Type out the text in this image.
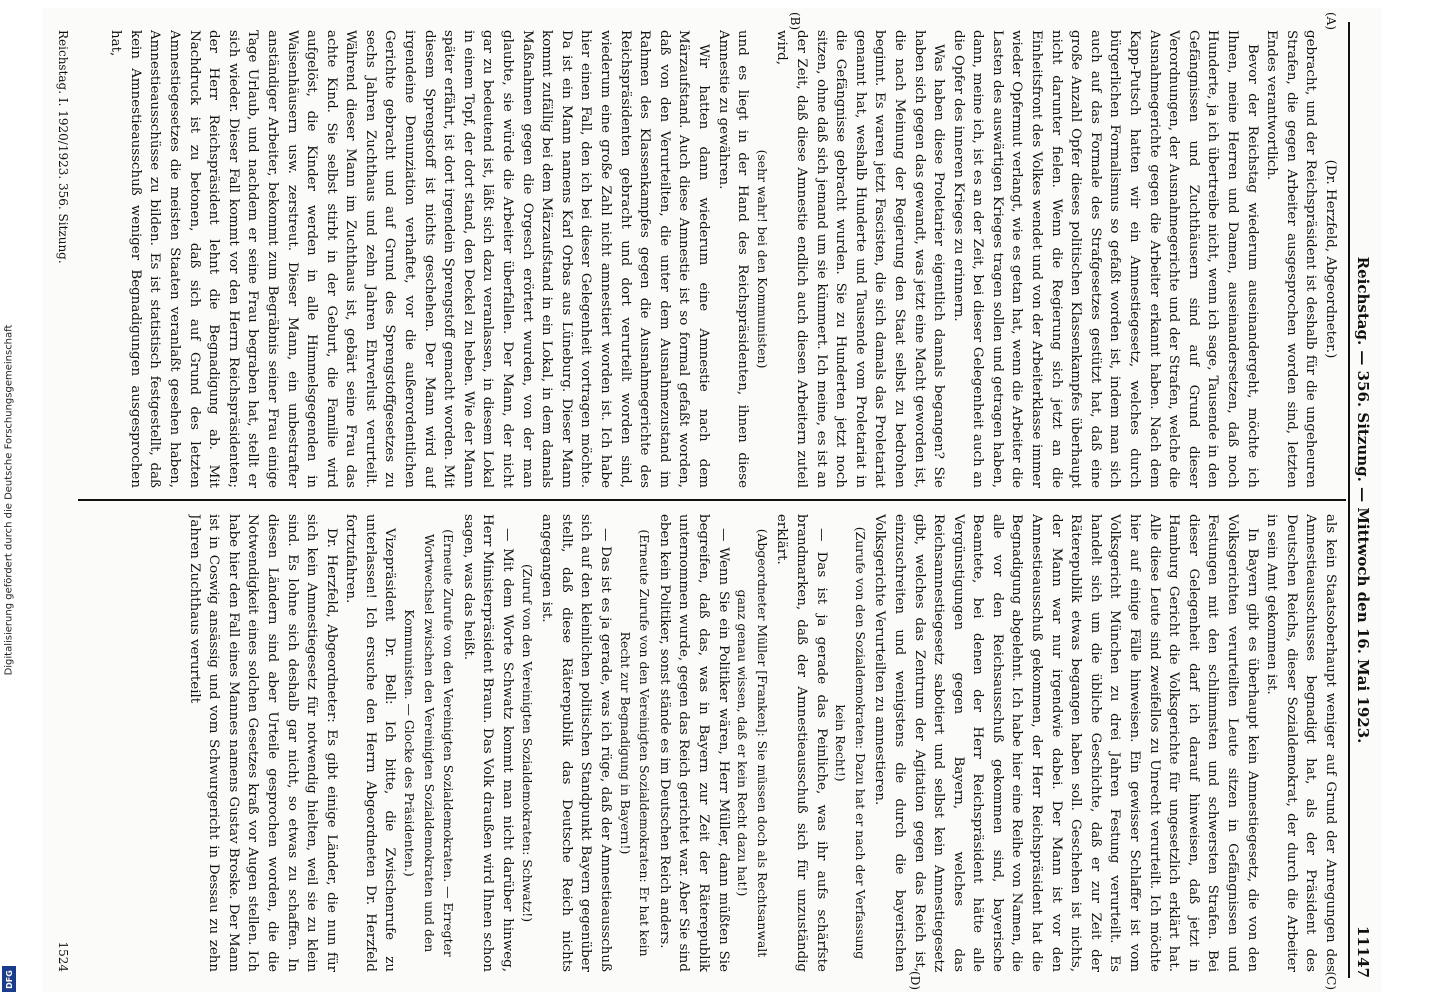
Digitalisierung gefördert durch die Deutsche Forschungsgemeinschaft
DFG
Reichstag. — 356. Sitzung. — Mittwoch den 16. Mai 1923.
11147
(A)
(B)
(C)
(D)

(Dr. Herzfeld, Abgeordneter.)

gebracht, und der Reichspräsident ist deshalb für die ungeheuren Strafen, die gegen Arbeiter ausgesprochen worden sind, letzten Endes verantwortlich.

Bevor der Reichstag wiederum auseinandergeht, möchte ich Ihnen, meine Herren und Damen, auseinandersetzen, daß noch Hunderte, ja ich übertreibe nicht, wenn ich sage, Tausende in den Gefängnissen und Zuchthäusern sind auf Grund dieser Verordnungen, der Ausnahmegerichte und der Strafen, welche die Ausnahmegerichte gegen die Arbeiter erkannt haben. Nach dem Kapp-Putsch hatten wir ein Amnestiegesetz, welches durch bürgerlichen Formalismus so gefaßt worden ist, indem man sich auch auf das Formale des Strafgesetzes gestützt hat, daß eine große Anzahl Opfer dieses politischen Klassenkampfes überhaupt nicht darunter fielen. Wenn die Regierung sich jetzt an die Einheitsfront des Volkes wendet und von der Arbeiterklasse immer wieder Opfermut verlangt, wie es getan hat, wenn die Arbeiter die Lasten des auswärtigen Krieges tragen sollen und getragen haben, dann, meine ich, ist es an der Zeit, bei dieser Gelegenheit auch an die Opfer des inneren Krieges zu erinnern.

Was haben diese Proletarier eigentlich damals begangen? Sie haben sich gegen das gewandt, was jetzt eine Macht geworden ist, die nach Meinung der Regierung den Staat selbst zu bedrohen beginnt. Es waren jetzt Fascisten, die sich damals das Proletariat genannt hat, weshalb Hunderte und Tausende vom Proletariat in die Gefängnisse gebracht wurden. Sie zu Hunderten jetzt noch sitzen, ohne daß sich jemand um sie kümmert. Ich meine, es ist an der Zeit, daß diese Amnestie endlich auch diesen Arbeitern zuteil wird,

(sehr wahr! bei den Kommunisten)

und es liegt in der Hand des Reichspräsidenten, ihnen diese Amnestie zu gewähren.

Wir hatten dann wiederum eine Amnestie nach dem Märzaufstand. Auch diese Amnestie ist so formal gefaßt worden, daß von den Verurteilten, die unter dem Ausnahmezustand im Rahmen des Klassenkampfes gegen die Ausnahmegerichte des Reichspräsidenten gebracht und dort verurteilt worden sind, wiederum eine große Zahl nicht amnestiert worden ist. Ich habe hier einen Fall, den ich bei dieser Gelegenheit vortragen möchte. Da ist ein Mann namens Karl Orbas aus Lüneburg. Dieser Mann kommt zufällig bei dem Märzaufstand in ein Lokal, in dem damals Maßnahmen gegen die Orgesch erörtert wurden, von der man glaubte, sie würde die Arbeiter überfallen. Der Mann, der nicht gar zu bedeutend ist, läßt sich dazu veranlassen, in diesem Lokal in einem Topf, der dort stand, den Deckel zu heben. Wie der Mann später erfährt, ist dort irgendein Sprengstoff gemacht worden. Mit diesem Sprengstoff ist nichts geschehen. Der Mann wird auf irgendeine Denunziation verhaftet, vor die außerordentlichen Gerichte gebracht und auf Grund des Sprengstoffgesetzes zu sechs Jahren Zuchthaus und zehn Jahren Ehrverlust verurteilt. Während dieser Mann im Zuchthaus ist, gebärt seine Frau das achte Kind. Sie selbst stirbt in der Geburt, die Familie wird aufgelöst, die Kinder werden in alle Himmelsgegenden in Waisenhäusern usw. zerstreut. Dieser Mann, ein unbestrafter anständiger Arbeiter, bekommt zum Begräbnis seiner Frau einige Tage Urlaub, und nachdem er seine Frau begraben hat, stellt er sich wieder. Dieser Fall kommt vor den Herrn Reichspräsidenten; der Herr Reichspräsident lehnt die Begnadigung ab. Mit Nachdruck ist zu betonen, daß sich auf Grund des letzten Amnestiegesetzes die meisten Staaten veranlaßt gesehen haben, Amnestieausschüsse zu bilden. Es ist statistisch festgestellt, daß kein Amnestieausschuß weniger Begnadigungen ausgesprochen hat,

als kein Staatsoberhaupt weniger auf Grund der Anregungen des Amnestieausschusses begnadigt hat, als der Präsident des Deutschen Reichs, dieser Sozialdemokrat, der durch die Arbeiter in sein Amt gekommen ist.

In Bayern gibt es überhaupt kein Amnestiegesetz, die von den Volksgerichten verurteilten Leute sitzen in Gefängnissen und Festungen mit den schlimmsten und schwersten Strafen. Bei dieser Gelegenheit darf ich darauf hinweisen, daß jetzt in Hamburg Gericht die Volksgerichte für ungesetzlich erklärt hat. Alle diese Leute sind zweifellos zu Unrecht verurteilt. Ich möchte hier auf einige Fälle hinweisen. Ein gewisser Schlaffer ist vom Volksgericht München zu drei Jahren Festung verurteilt. Es handelt sich um die übliche Geschichte, daß er zur Zeit der Räterepublik etwas begangen haben soll. Geschehen ist nichts, der Mann war nur irgendwie dabei. Der Mann ist vor den Amnestieausschuß gekommen, der Herr Reichspräsident hat die Begnadigung abgelehnt. Ich habe hier eine Reihe von Namen, die alle vor den Reichsausschuß gekommen sind, bayerische Beamtete, bei denen der Herr Reichspräsident hätte alle Vergünstigungen gegen Bayern, welches das Reichsamnestiegesetz sabotiert und selbst kein Amnestiegesetz gibt, welches das Zentrum der Agitation gegen das Reich ist, einzuschreiten und wenigstens die durch die bayerischen Volksgerichte Verurteilten zu amnestieren.

(Zurufe von den Sozialdemokraten: Dazu hat er nach der Verfassung kein Recht!)

— Das ist ja gerade das Peinliche, was ihr aufs schärfste brandmarken, daß der Amnestieausschuß sich für unzuständig erklärt.

(Abgeordneter Müller [Franken]: Sie müssen doch als Rechtsanwalt ganz genau wissen, daß er kein Recht dazu hat!)

— Wenn Sie ein Politiker wären, Herr Müller, dann müßten Sie begreifen, daß das, was in Bayern zur Zeit der Räterepublik unternommen wurde, gegen das Reich gerichtet war. Aber Sie sind eben kein Politiker, sonst stände es im Deutschen Reich anders.

(Erneute Zurufe von den Vereinigten Sozialdemokraten: Er hat kein Recht zur Begnadigung in Bayern!)

— Das ist es ja gerade, was ich rüge, daß der Amnestieausschuß sich auf den kleinlichen politischen Standpunkt Bayern gegenüber stellt, daß diese Räterepublik das Deutsche Reich nichts angegangen ist.

(Zuruf von den Vereinigten Sozialdemokraten: Schwatz!)

— Mit dem Worte Schwatz kommt man nicht darüber hinweg, Herr Ministerpräsident Braun. Das Volk draußen wird Ihnen schon sagen, was das heißt.

(Erneute Zurufe von den Vereinigten Sozialdemokraten. — Erregter Wortwechsel zwischen den Vereinigten Sozialdemokraten und den Kommunisten. — Glocke des Präsidenten.)

Vizepräsident Dr. Bell: Ich bitte, die Zwischenrufe zu unterlassen! Ich ersuche den Herrn Abgeordneten Dr. Herzfeld fortzufahren.

Dr. Herzfeld, Abgeordneter: Es gibt einige Länder, die nun für sich kein Amnestiegesetz für notwendig hielten, weil sie zu klein sind. Es lohne sich deshalb gar nicht, so etwas zu schaffen. In diesen Ländern sind aber Urteile gesprochen worden, die die Notwendigkeit eines solchen Gesetzes kraß vor Augen stellen. Ich habe hier den Fall eines Mannes namens Gustav Broske. Der Mann ist in Coswig ansässig und vom Schwurgericht in Dessau zu zehn Jahren Zuchthaus verurteilt

Reichstag. I. 1920/1923. 356. Sitzung.
1524
